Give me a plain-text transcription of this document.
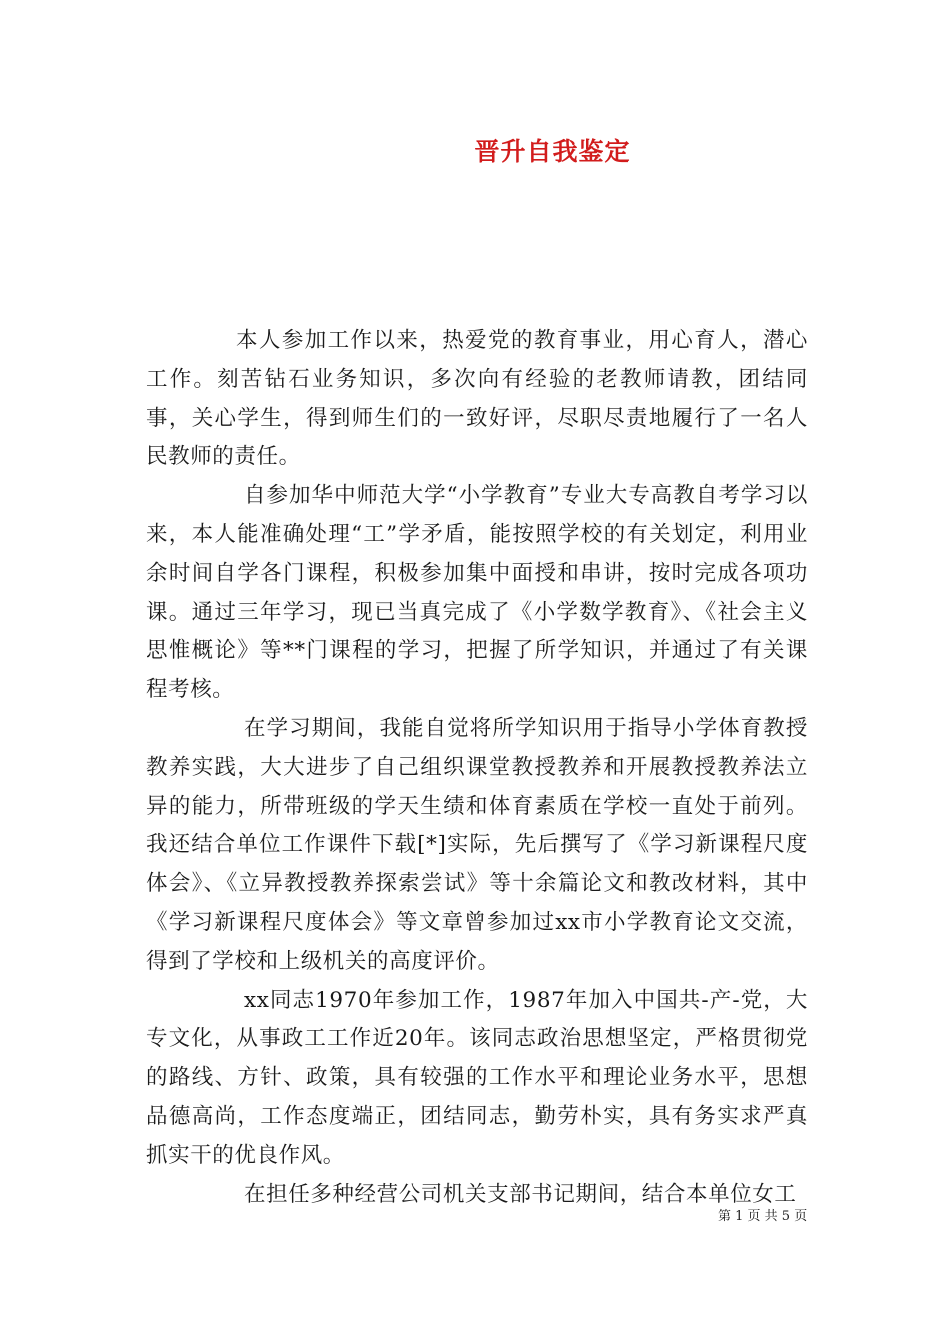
晋升自我鉴定

本人参加工作以来，热爱党的教育事业，用心育人，潜心工作。刻苦钻石业务知识，多次向有经验的老教师请教，团结同事，关心学生，得到师生们的一致好评，尽职尽责地履行了一名人民教师的责任。

自参加华中师范大学“小学教育”专业大专高教自考学习以来，本人能准确处理“工”学矛盾，能按照学校的有关划定，利用业余时间自学各门课程，积极参加集中面授和串讲，按时完成各项功课。通过三年学习，现已当真完成了《小学数学教育》、《社会主义思惟概论》等**门课程的学习，把握了所学知识，并通过了有关课程考核。

在学习期间，我能自觉将所学知识用于指导小学体育教授教养实践，大大进步了自己组织课堂教授教养和开展教授教养法立异的能力，所带班级的学天生绩和体育素质在学校一直处于前列。我还结合单位工作课件下载[*]实际，先后撰写了《学习新课程尺度体会》、《立异教授教养探索尝试》等十余篇论文和教改材料，其中《学习新课程尺度体会》等文章曾参加过xx市小学教育论文交流，得到了学校和上级机关的高度评价。

xx同志1970年参加工作，1987年加入中国共-产-党，大专文化，从事政工工作近20年。该同志政治思想坚定，严格贯彻党的路线、方针、政策，具有较强的工作水平和理论业务水平，思想品德高尚，工作态度端正，团结同志，勤劳朴实，具有务实求严真抓实干的优良作风。

在担任多种经营公司机关支部书记期间，结合本单位女工

第 1 页 共 5 页
